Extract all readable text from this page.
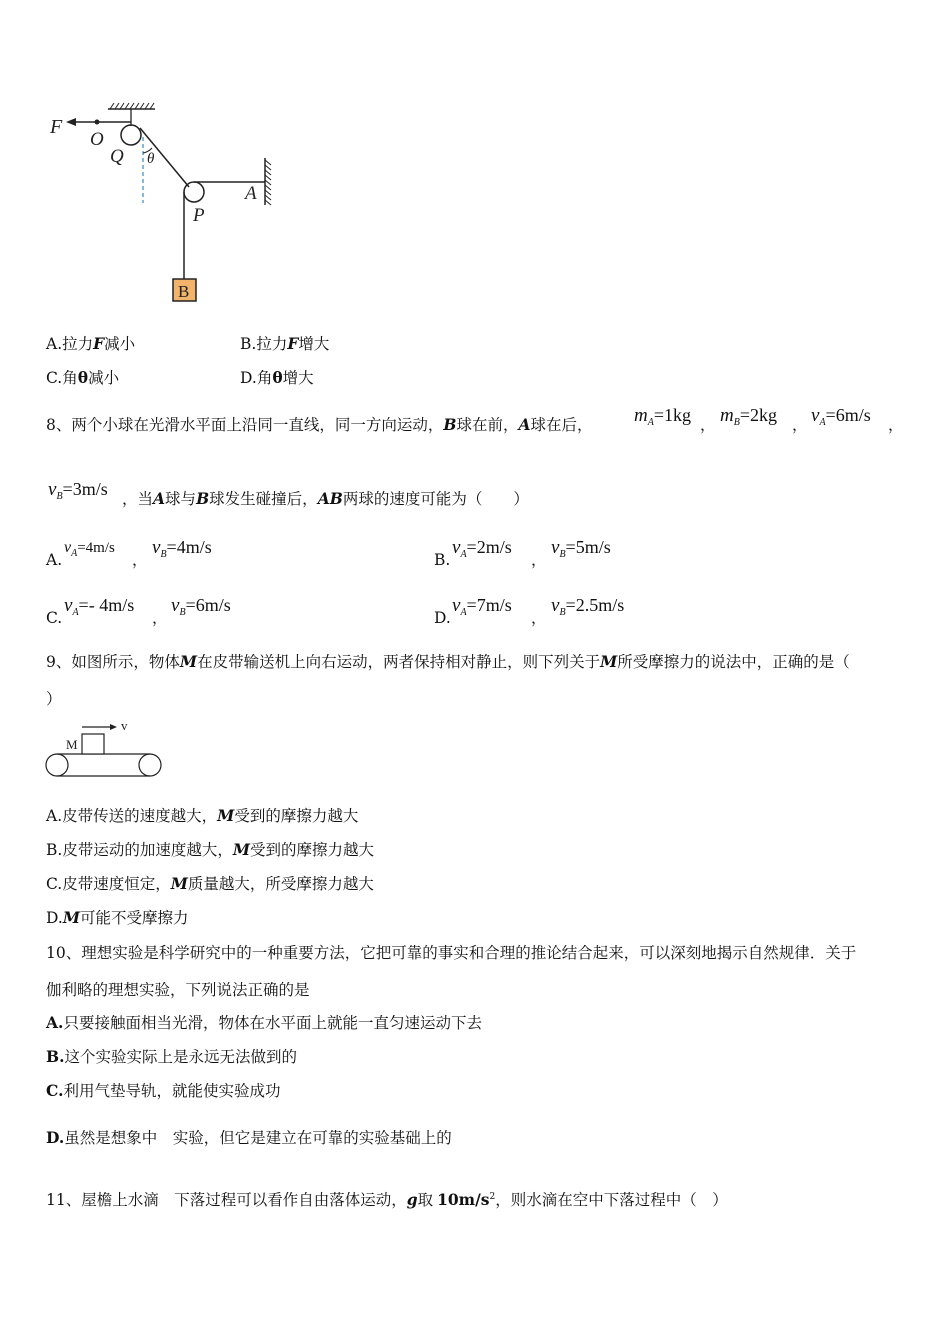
F
O
Q θ
A
P
B
A.拉力F减小	B.拉力F增大
C.角θ减小	D.角θ增大
8、两个小球在光滑水平面上沿同一直线，同一方向运动，B球在前，A球在后， $m_A=1kg$ ， $m_B=2kg$ ， $v_A=6m/s$ ，
$v_B=3m/s$ ，当A球与B球发生碰撞后，AB两球的速度可能为（　　）
A.
$v_A=4m/s$
，
$v_B=4m/s$
B.
$v_A=2m/s$
，
$v_B=5m/s$
C.
$v_A=-$ 4m/s
，
$v_B=6m/s$
D.
$v_A=7m/s$
，
$v_B=2.5m/s$
9、如图所示，物体M在皮带输送机上向右运动，两者保持相对静止，则下列关于M所受摩擦力的说法中，正确的是（
）
M
v
A.皮带传送的速度越大，M受到的摩擦力越大
B.皮带运动的加速度越大，M受到的摩擦力越大
C.皮带速度恒定，M质量越大，所受摩擦力越大
D.M可能不受摩擦力
10、理想实验是科学研究中的一种重要方法，它把可靠的事实和合理的推论结合起来，可以深刻地揭示自然规律．关于
伽利略的理想实验，下列说法正确的是
A.只要接触面相当光滑，物体在水平面上就能一直匀速运动下去
B.这个实验实际上是永远无法做到的
C.利用气垫导轨，就能使实验成功
D.虽然是想象中　实验，但它是建立在可靠的实验基础上的
11、屋檐上水滴　下落过程可以看作自由落体运动，g取 $10m/s^2$，则水滴在空中下落过程中（　）
